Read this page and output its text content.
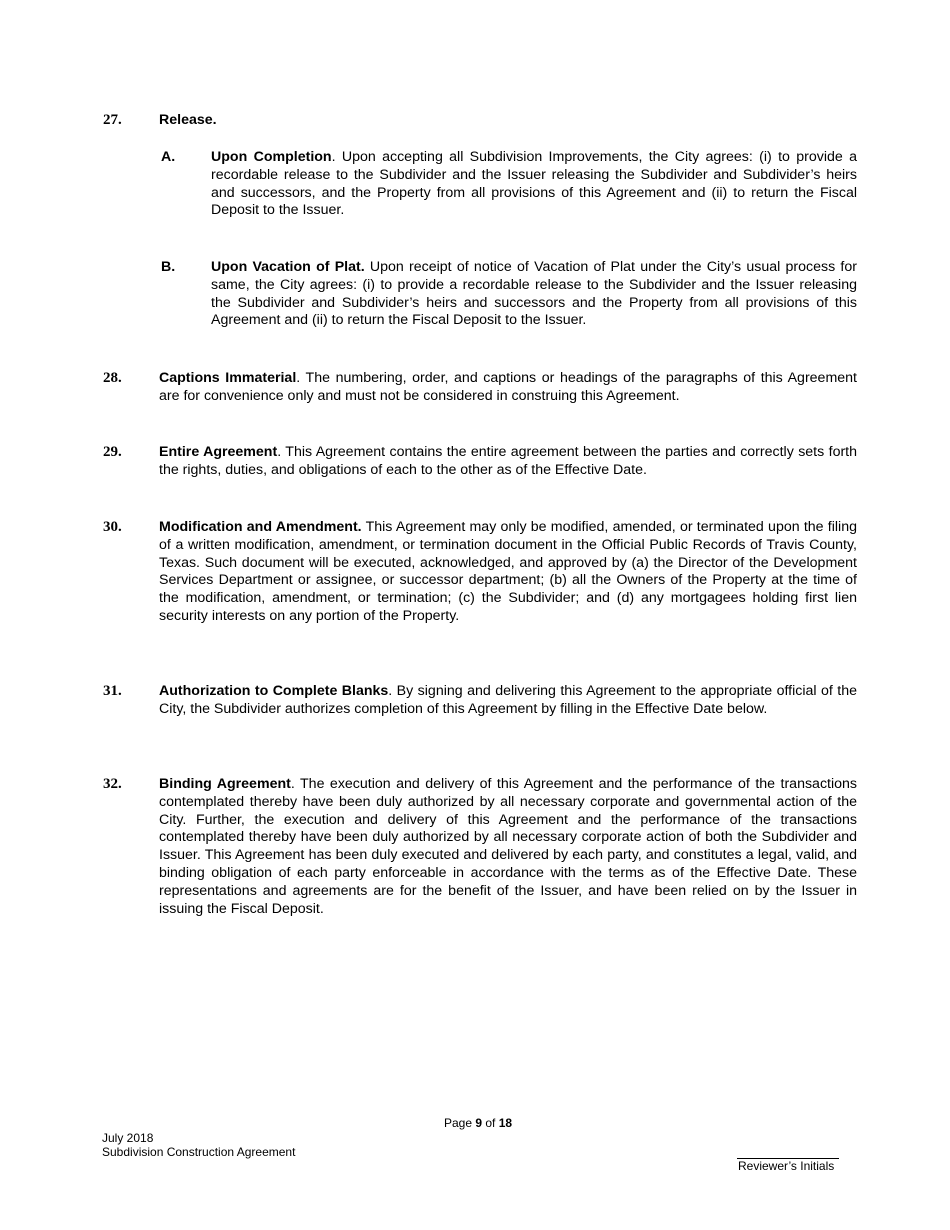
27.	Release.
A.	Upon Completion. Upon accepting all Subdivision Improvements, the City agrees: (i) to provide a recordable release to the Subdivider and the Issuer releasing the Subdivider and Subdivider’s heirs and successors, and the Property from all provisions of this Agreement and (ii) to return the Fiscal Deposit to the Issuer.
B.	Upon Vacation of Plat. Upon receipt of notice of Vacation of Plat under the City’s usual process for same, the City agrees: (i) to provide a recordable release to the Subdivider and the Issuer releasing the Subdivider and Subdivider’s heirs and successors and the Property from all provisions of this Agreement and (ii) to return the Fiscal Deposit to the Issuer.
28.	Captions Immaterial. The numbering, order, and captions or headings of the paragraphs of this Agreement are for convenience only and must not be considered in construing this Agreement.
29.	Entire Agreement. This Agreement contains the entire agreement between the parties and correctly sets forth the rights, duties, and obligations of each to the other as of the Effective Date.
30.	Modification and Amendment. This Agreement may only be modified, amended, or terminated upon the filing of a written modification, amendment, or termination document in the Official Public Records of Travis County, Texas. Such document will be executed, acknowledged, and approved by (a) the Director of the Development Services Department or assignee, or successor department; (b) all the Owners of the Property at the time of the modification, amendment, or termination; (c) the Subdivider; and (d) any mortgagees holding first lien security interests on any portion of the Property.
31.	Authorization to Complete Blanks. By signing and delivering this Agreement to the appropriate official of the City, the Subdivider authorizes completion of this Agreement by filling in the Effective Date below.
32.	Binding Agreement. The execution and delivery of this Agreement and the performance of the transactions contemplated thereby have been duly authorized by all necessary corporate and governmental action of the City. Further, the execution and delivery of this Agreement and the performance of the transactions contemplated thereby have been duly authorized by all necessary corporate action of both the Subdivider and Issuer. This Agreement has been duly executed and delivered by each party, and constitutes a legal, valid, and binding obligation of each party enforceable in accordance with the terms as of the Effective Date. These representations and agreements are for the benefit of the Issuer, and have been relied on by the Issuer in issuing the Fiscal Deposit.
Page 9 of 18
July 2018
Subdivision Construction Agreement
Reviewer’s Initials
